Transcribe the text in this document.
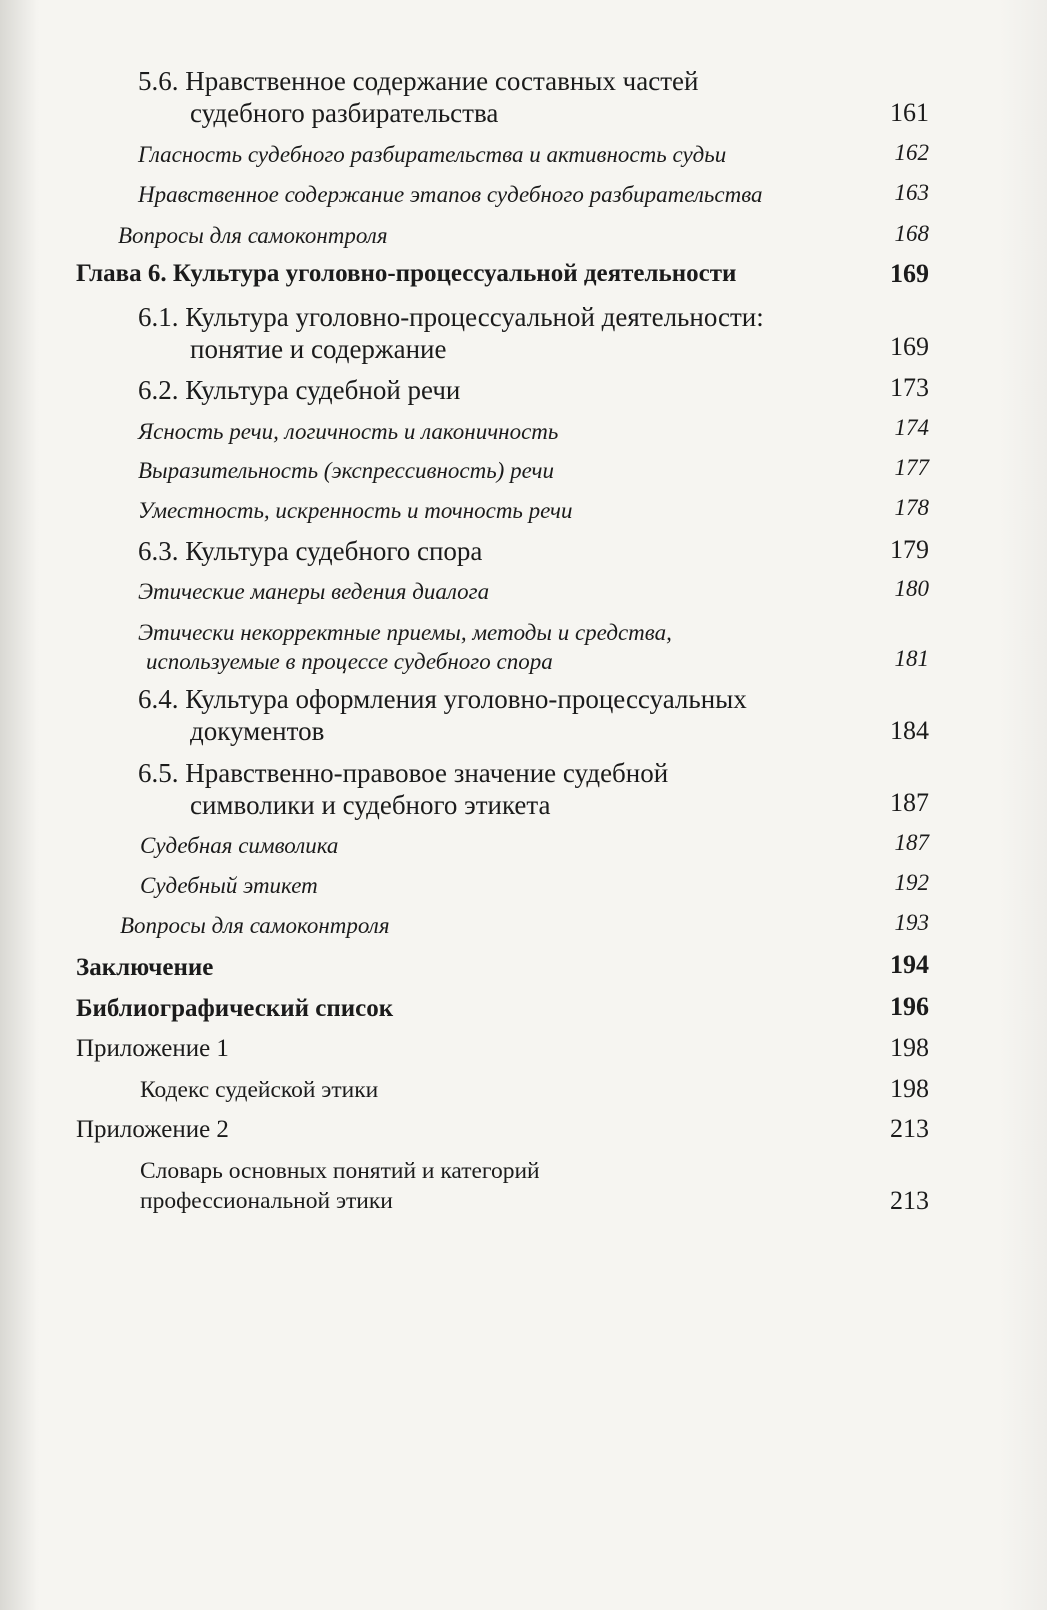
5.6. Нравственное содержание составных частей
судебного разбирательства	161
Гласность судебного разбирательства и активность судьи	162
Нравственное содержание этапов судебного разбирательства	163
Вопросы для самоконтроля	168
Глава 6. Культура уголовно-процессуальной деятельности	169
6.1. Культура уголовно-процессуальной деятельности:
понятие и содержание	169
6.2. Культура судебной речи	173
Ясность речи, логичность и лаконичность	174
Выразительность (экспрессивность) речи	177
Уместность, искренность и точность речи	178
6.3. Культура судебного спора	179
Этические манеры ведения диалога	180
Этически некорректные приемы, методы и средства,
используемые в процессе судебного спора	181
6.4. Культура оформления уголовно-процессуальных
документов	184
6.5. Нравственно-правовое значение судебной
символики и судебного этикета	187
Судебная символика	187
Судебный этикет	192
Вопросы для самоконтроля	193
Заключение	194
Библиографический список	196
Приложение 1	198
Кодекс судейской этики	198
Приложение 2	213
Словарь основных понятий и категорий
профессиональной этики	213
